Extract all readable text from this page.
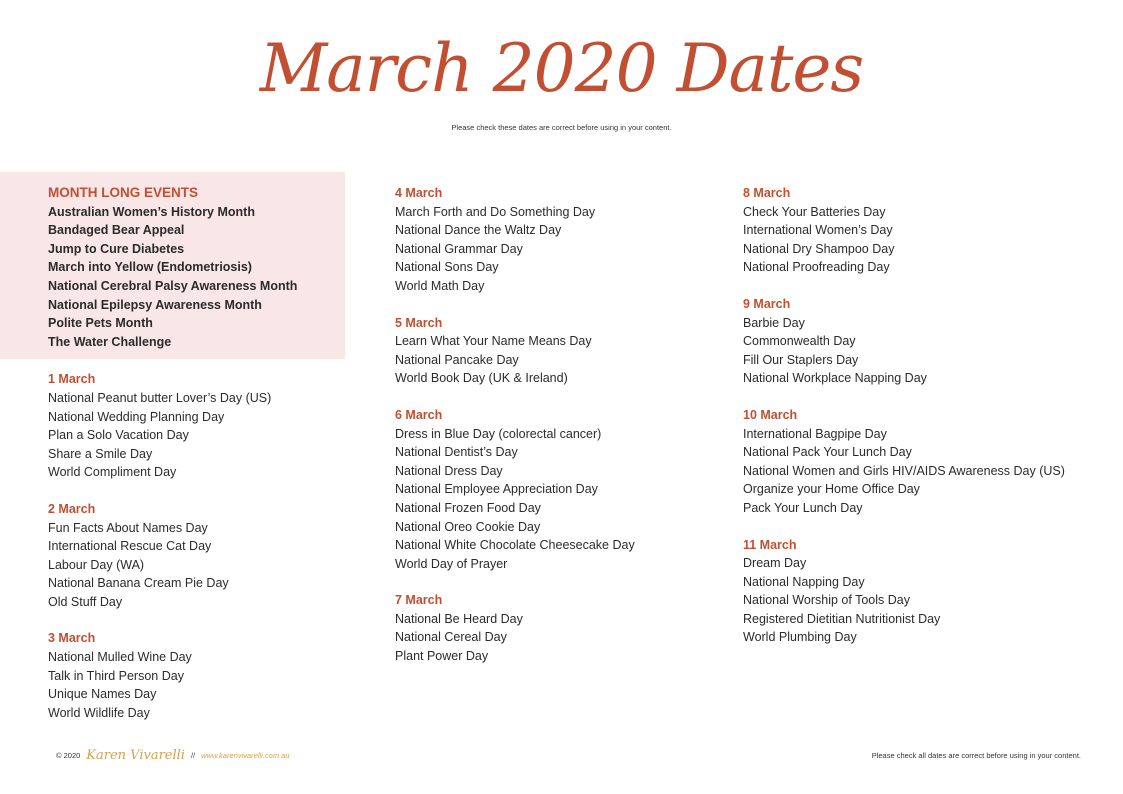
March 2020 Dates
Please check these dates are correct before using in your content.
MONTH LONG EVENTS
Australian Women’s History Month
Bandaged Bear Appeal
Jump to Cure Diabetes
March into Yellow (Endometriosis)
National Cerebral Palsy Awareness Month
National Epilepsy Awareness Month
Polite Pets Month
The Water Challenge
1 March
National Peanut butter Lover’s Day (US)
National Wedding Planning Day
Plan a Solo Vacation Day
Share a Smile Day
World Compliment Day
2 March
Fun Facts About Names Day
International Rescue Cat Day
Labour Day (WA)
National Banana Cream Pie Day
Old Stuff Day
3 March
National Mulled Wine Day
Talk in Third Person Day
Unique Names Day
World Wildlife Day
4 March
March Forth and Do Something Day
National Dance the Waltz Day
National Grammar Day
National Sons Day
World Math Day
5 March
Learn What Your Name Means Day
National Pancake Day
World Book Day (UK & Ireland)
6 March
Dress in Blue Day (colorectal cancer)
National Dentist’s Day
National Dress Day
National Employee Appreciation Day
National Frozen Food Day
National Oreo Cookie Day
National White Chocolate Cheesecake Day
World Day of Prayer
7 March
National Be Heard Day
National Cereal Day
Plant Power Day
8 March
Check Your Batteries Day
International Women’s Day
National Dry Shampoo Day
National Proofreading Day
9 March
Barbie Day
Commonwealth Day
Fill Our Staplers Day
National Workplace Napping Day
10 March
International Bagpipe Day
National Pack Your Lunch Day
National Women and Girls HIV/AIDS Awareness Day (US)
Organize your Home Office Day
Pack Your Lunch Day
11 March
Dream Day
National Napping Day
National Worship of Tools Day
Registered Dietitian Nutritionist Day
World Plumbing Day
© 2020 Karen Vivarelli // www.karenvivarelli.com.au	Please check all dates are correct before using in your content.
